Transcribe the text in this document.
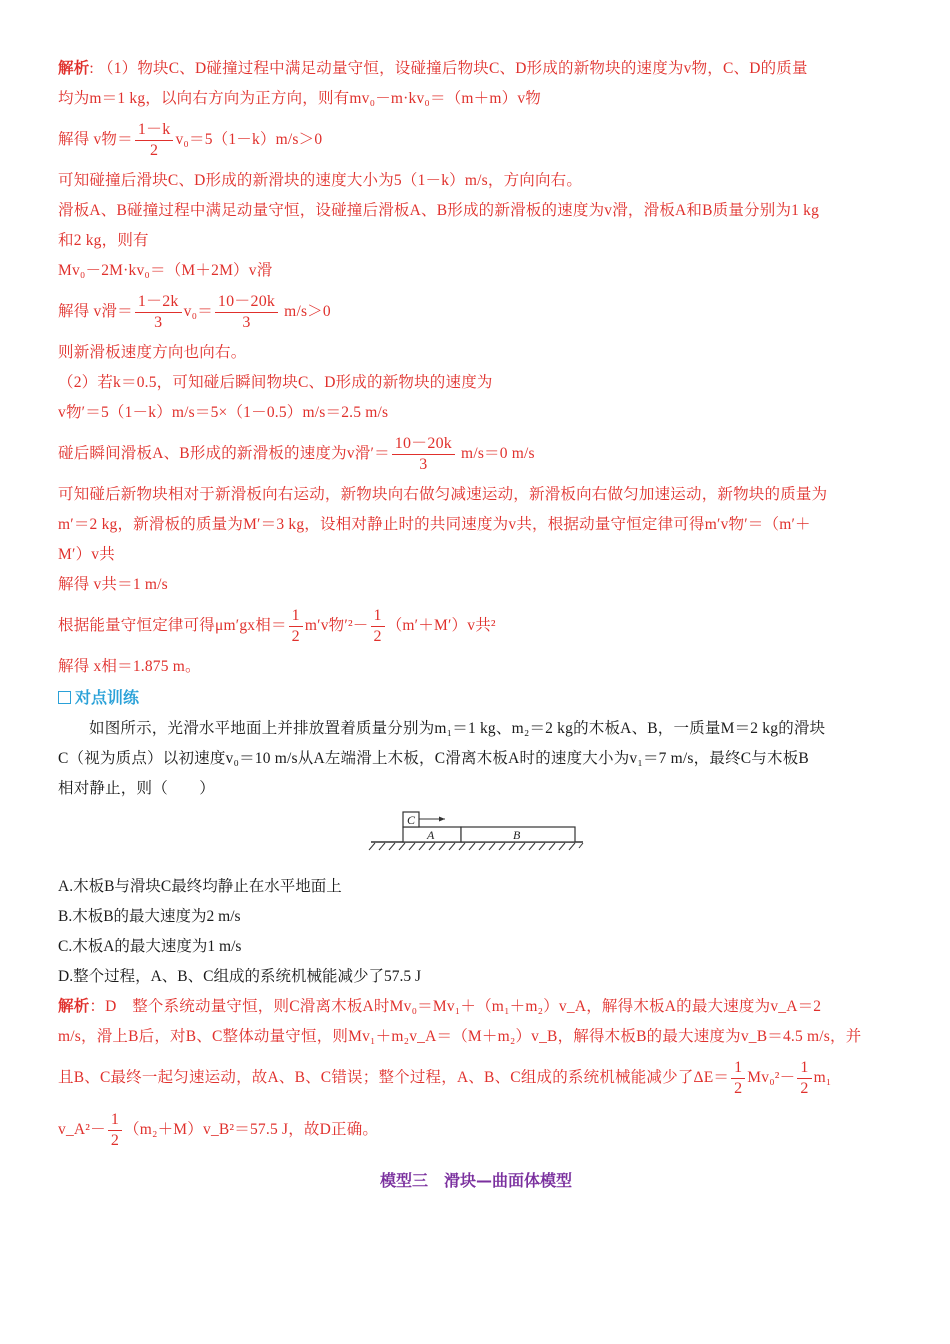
解析: （1）物块C、D碰撞过程中满足动量守恒，设碰撞后物块C、D形成的新物块的速度为v物，C、D的质量
均为m＝1 kg，以向右方向为正方向，则有mv₀－m·kv₀＝（m＋m）v物
解得 v物＝ $\frac{1-k}{2} v_0=5(1-k)m/s>0$
可知碰撞后滑块C、D形成的新滑块的速度大小为5（1－k）m/s，方向向右。
滑板A、B碰撞过程中满足动量守恒，设碰撞后滑板A、B形成的新滑板的速度为v滑，滑板A和B质量分别为1 kg
和2 kg，则有
Mv₀－2M·kv₀＝（M＋2M）v滑
解得 v滑＝ $\frac{1-2k}{3} v_0= \frac{10-20k}{3} m/s>0$
则新滑板速度方向也向右。
（2）若k＝0.5，可知碰后瞬间物块C、D形成的新物块的速度为
v物′＝5（1－k）m/s＝5×（1－0.5）m/s＝2.5 m/s
碰后瞬间滑板A、B形成的新滑板的速度为v滑′＝ $\frac{10-20k}{3} m/s=0$ m/s
可知碰后新物块相对于新滑板向右运动，新物块向右做匀减速运动，新滑板向右做匀加速运动，新物块的质量为
m′＝2 kg，新滑板的质量为M′＝3 kg，设相对静止时的共同速度为v共，根据动量守恒定律可得m′v物′＝（m′＋
M′）v共
解得 v共＝1 m/s
根据能量守恒定律可得μm′gx相＝ $\frac{1}{2} m'v$物$'^2- \frac{1}{2} (m'+M')v$共²
解得 x相＝1.875 m。
对点训练
如图所示，光滑水平地面上并排放置着质量分别为m₁＝1 kg、m₂＝2 kg的木板A、B，一质量M＝2 kg的滑块
C（视为质点）以初速度v₀＝10 m/s从A左端滑上木板，C滑离木板A时的速度大小为v₁＝7 m/s，最终C与木板B
相对静止，则（　　）
C
A	B
A.木板B与滑块C最终均静止在水平地面上
B.木板B的最大速度为2 m/s
C.木板A的最大速度为1 m/s
D.整个过程，A、B、C组成的系统机械能减少了57.5 J
解析：D　整个系统动量守恒，则C滑离木板A时Mv₀＝Mv₁＋（m₁＋m₂）v_A，解得木板A的最大速度为v_A＝2
m/s，滑上B后，对B、C整体动量守恒，则Mv₁＋m₂v_A＝（M＋m₂）v_B，解得木板B的最大速度为v_B＝4.5 m/s，并
且B、C最终一起匀速运动，故A、B、C错误；整个过程，A、B、C组成的系统机械能减少了$\Delta E= \frac{1}{2} Mv_0^2- \frac{1}{2} m_1$
v_A²－ $\frac{1}{2}$ （m₂＋M）v_B²＝57.5 J，故D正确。
模型三　滑块—曲面体模型
